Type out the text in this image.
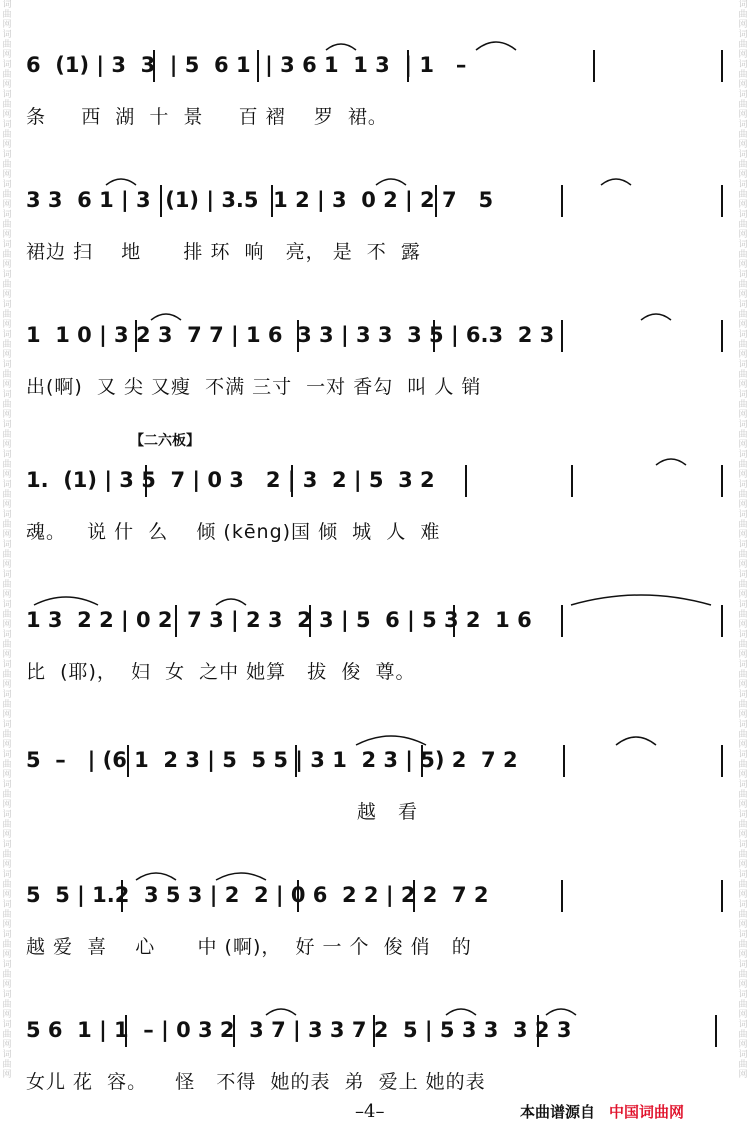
词
曲
网
词
曲
网
词
曲
网
词
曲
网
词
曲
网
词
曲
网
词
曲
网
词
曲
网
词
曲
网
词
曲
网
词
曲
网
词
曲
网
词
曲
网
词
曲
网
词
曲
网
词
曲
网
词
曲
网
词
曲
网
词
曲
网
词
曲
网
词
曲
网
词
曲
网
词
曲
网
词
曲
网
词
曲
网
词
曲
网
词
曲
网
词
曲
网
词
曲
网
词
曲
网
词
曲
网
词
曲
网
词
曲
网
词
曲
网
词
曲
网
词
曲
网
词
曲
网
词
曲
网
词
曲
网
词
曲
网
词
曲
网
词
曲
网
词
曲
网
词
曲
网
词
曲
网
词
曲
网
词
曲
网
词
曲
网
词
曲
网
词
曲
网
词
曲
网
词
曲
网
词
曲
网
词
曲
网
词
曲
网
词
曲
网
词
曲
网
词
曲
网
词
曲
网
词
曲
网
词
曲
网
词
曲
网
词
曲
网
词
曲
网
词
曲
网
词
曲
网
词
曲
网
词
曲
网
词
曲
网
词
曲
网
词
曲
网
词
曲
网
6  (1) | 3  3  | 5  6 1  | 3 6 1  1 3  | 1   –
条     西  湖  十  景     百 褶    罗  裙。
3 3  6 1 | 3  (1) | 3.5  1 2 | 3  0 2 | 2 7   5
裙边 扫    地      排 环  响   亮， 是  不  露
1  1 0 | 3 2 3  7 7 | 1 6  3 3 | 3 3  3 5 | 6.3  2 3
出(啊)  又 尖 又瘦  不满 三寸  一对 香勾  叫 人 销
【二六板】
1.  (1) | 3 5  7 | 0 3   2 | 3  2 | 5  3 2
魂。   说 什  么    倾 (kēng)国 倾  城  人  难
1 3  2 2 | 0 2  7 3 | 2 3  2 3 | 5  6 | 5 3 2  1 6
比  (耶)，  妇  女  之中 她算   拔  俊  尊。
5  –   | (6 1  2 3 | 5  5 5 | 3 1  2 3 | 5) 2  7 2
越   看
5  5 | 1.2  3 5 3 | 2  2 | 0 6  2 2 | 2 2  7 2
越 爱  喜    心      中 (啊)，  好 一 个  俊 俏   的
5 6  1 | 1  – | 0 3 2  3 7 | 3 3 7 2  5 | 5 3 3  3 2 3
女儿 花  容。    怪   不得  她的表  弟  爱上 她的表
–4–	本曲谱源自 中国词曲网
